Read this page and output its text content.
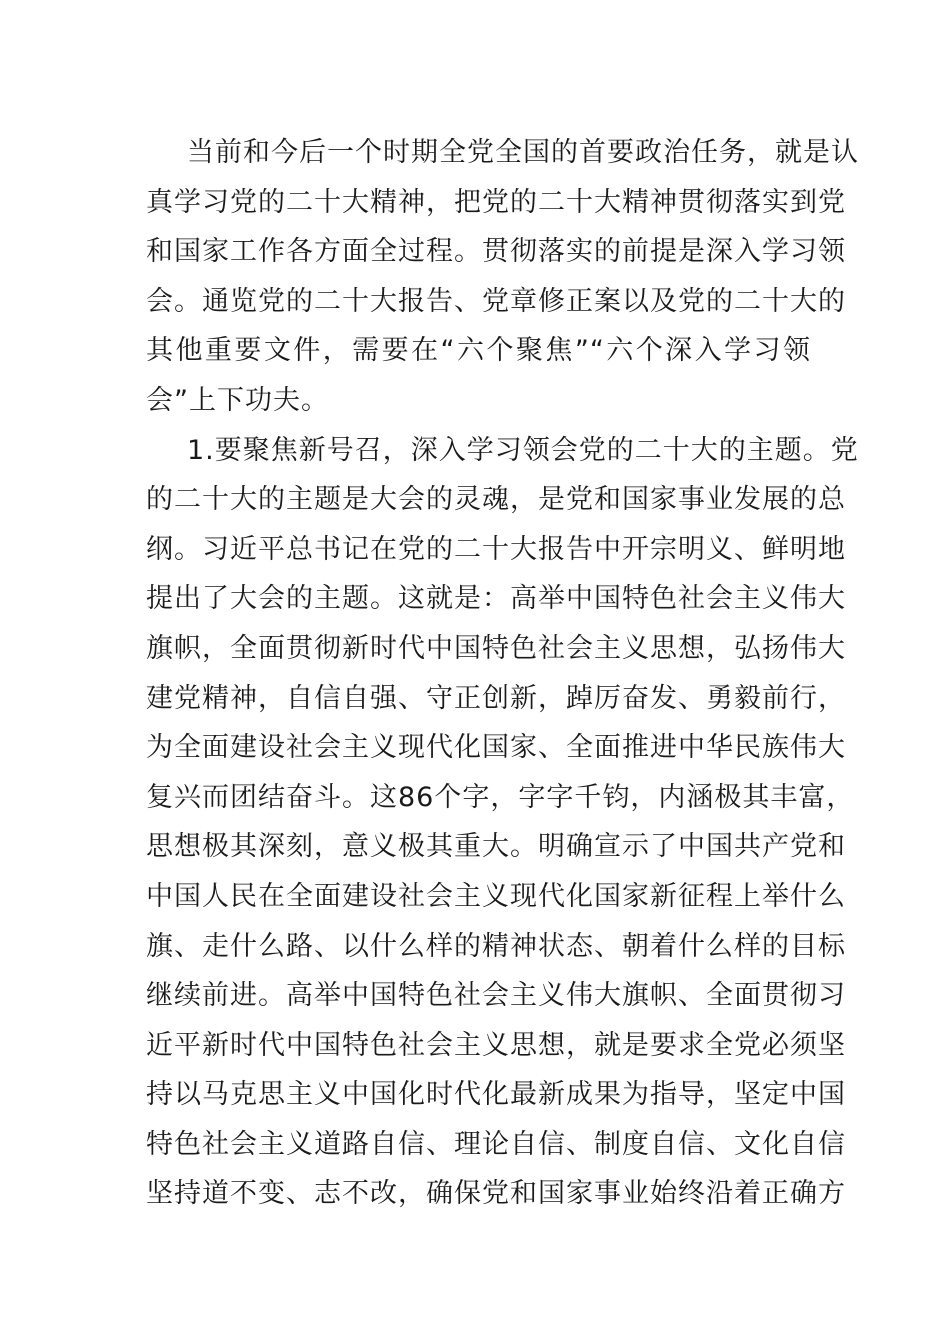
当前和今后一个时期全党全国的首要政治任务，就是认
真学习党的二十大精神，把党的二十大精神贯彻落实到党
和国家工作各方面全过程。贯彻落实的前提是深入学习领
会。通览党的二十大报告、党章修正案以及党的二十大的
其他重要文件，需要在“六个聚焦”“六个深入学习领
会”上下功夫。
1.要聚焦新号召，深入学习领会党的二十大的主题。党
的二十大的主题是大会的灵魂，是党和国家事业发展的总
纲。习近平总书记在党的二十大报告中开宗明义、鲜明地
提出了大会的主题。这就是：高举中国特色社会主义伟大
旗帜，全面贯彻新时代中国特色社会主义思想，弘扬伟大
建党精神，自信自强、守正创新，踔厉奋发、勇毅前行，
为全面建设社会主义现代化国家、全面推进中华民族伟大
复兴而团结奋斗。这86个字，字字千钧，内涵极其丰富，
思想极其深刻，意义极其重大。明确宣示了中国共产党和
中国人民在全面建设社会主义现代化国家新征程上举什么
旗、走什么路、以什么样的精神状态、朝着什么样的目标
继续前进。高举中国特色社会主义伟大旗帜、全面贯彻习
近平新时代中国特色社会主义思想，就是要求全党必须坚
持以马克思主义中国化时代化最新成果为指导，坚定中国
特色社会主义道路自信、理论自信、制度自信、文化自信
坚持道不变、志不改，确保党和国家事业始终沿着正确方
